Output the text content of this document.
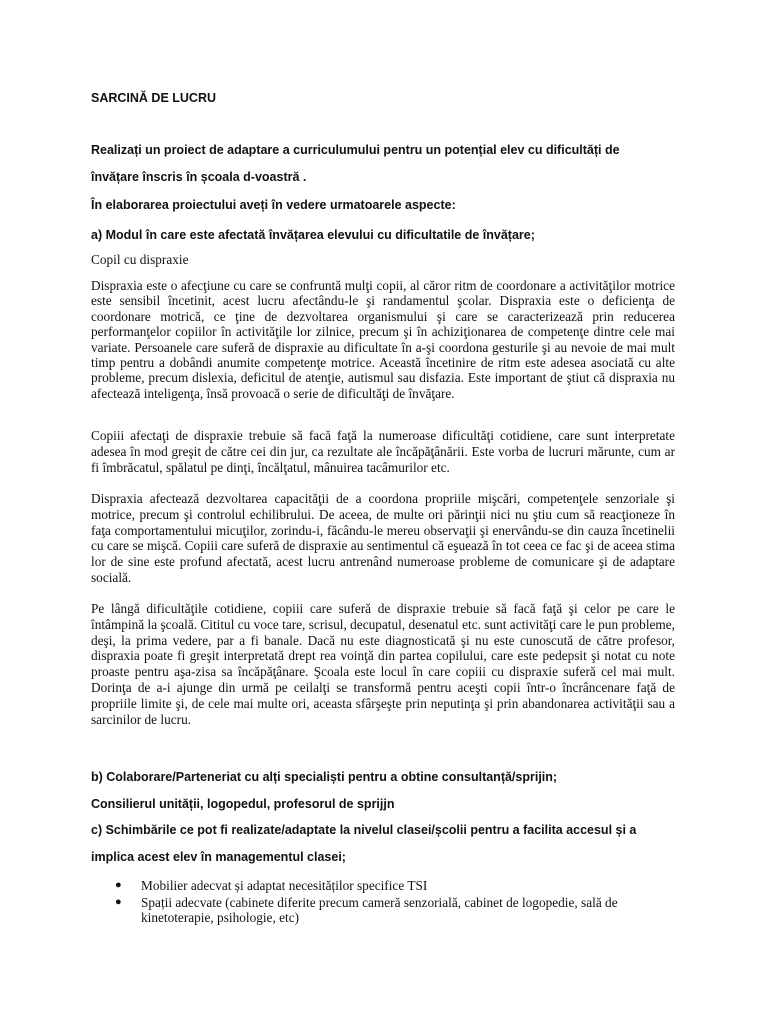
SARCINĂ DE LUCRU

Realizați un proiect de adaptare a curriculumului pentru un potențial elev cu dificultăți de

învățare înscris în școala d-voastră .

În elaborarea proiectului aveți în vedere urmatoarele aspecte:

a) Modul în care este afectată învățarea elevului cu dificultatile de învățare;

Copil cu dispraxie

Dispraxia este o afecţiune cu care se confruntă mulţi copii, al căror ritm de coordonare a activităţilor motrice este sensibil încetinit, acest lucru afectându-le şi randamentul şcolar. Dispraxia este o deficienţa de coordonare motrică, ce ţine de dezvoltarea organismului şi care se caracterizează prin reducerea performanţelor copiilor în activităţile lor zilnice, precum şi în achiziţionarea de competenţe dintre cele mai variate. Persoanele care suferă de dispraxie au dificultate în a-şi coordona gesturile şi au nevoie de mai mult timp pentru a dobândi anumite competenţe motrice. Această încetinire de ritm este adesea asociată cu alte probleme, precum dislexia, deficitul de atenţie, autismul sau disfazia. Este important de ştiut că dispraxia nu afectează inteligenţa, însă provoacă o serie de dificultăţi de învăţare.

Copiii afectaţi de dispraxie trebuie să facă faţă la numeroase dificultăţi cotidiene, care sunt interpretate adesea în mod greşit de către cei din jur, ca rezultate ale încăpăţânării. Este vorba de lucruri mărunte, cum ar fi îmbrăcatul, spălatul pe dinţi, încălţatul, mânuirea tacâmurilor etc.

Dispraxia afectează dezvoltarea capacităţii de a coordona propriile mişcări, competenţele senzoriale şi motrice, precum şi controlul echilibrului. De aceea, de multe ori părinţii nici nu ştiu cum să reacţioneze în faţa comportamentului micuţilor, zorindu-i, făcându-le mereu observaţii şi enervându-se din cauza încetinelii cu care se mişcă. Copiii care suferă de dispraxie au sentimentul că eşuează în tot ceea ce fac şi de aceea stima lor de sine este profund afectată, acest lucru antrenând numeroase probleme de comunicare şi de adaptare socială.

Pe lângă dificultăţile cotidiene, copiii care suferă de dispraxie trebuie să facă faţă şi celor pe care le întâmpină la şcoală. Cititul cu voce tare, scrisul, decupatul, desenatul etc. sunt activităţi care le pun probleme, deşi, la prima vedere, par a fi banale. Dacă nu este diagnosticată şi nu este cunoscută de către profesor, dispraxia poate fi greşit interpretată drept rea voinţă din partea copilului, care este pedepsit şi notat cu note proaste pentru aşa-zisa sa încăpăţânare. Şcoala este locul în care copiii cu dispraxie suferă cel mai mult. Dorinţa de a-i ajunge din urmă pe ceilalţi se transformă pentru aceşti copii într-o încrâncenare faţă de propriile limite şi, de cele mai multe ori, aceasta sfârşeşte prin neputinţa şi prin abandonarea activităţii sau a sarcinilor de lucru.

b) Colaborare/Parteneriat cu alți specialiști pentru a obtine consultanță/sprijin;

Consilierul unității, logopedul, profesorul de sprijjn

c) Schimbările ce pot fi realizate/adaptate la nivelul clasei/școlii pentru a facilita accesul și a

implica acest elev în managementul clasei;

● Mobilier adecvat și adaptat necesităților specifice TSI
● Spații adecvate (cabinete diferite precum cameră senzorială, cabinet de logopedie, sală de kinetoterapie, psihologie, etc)
